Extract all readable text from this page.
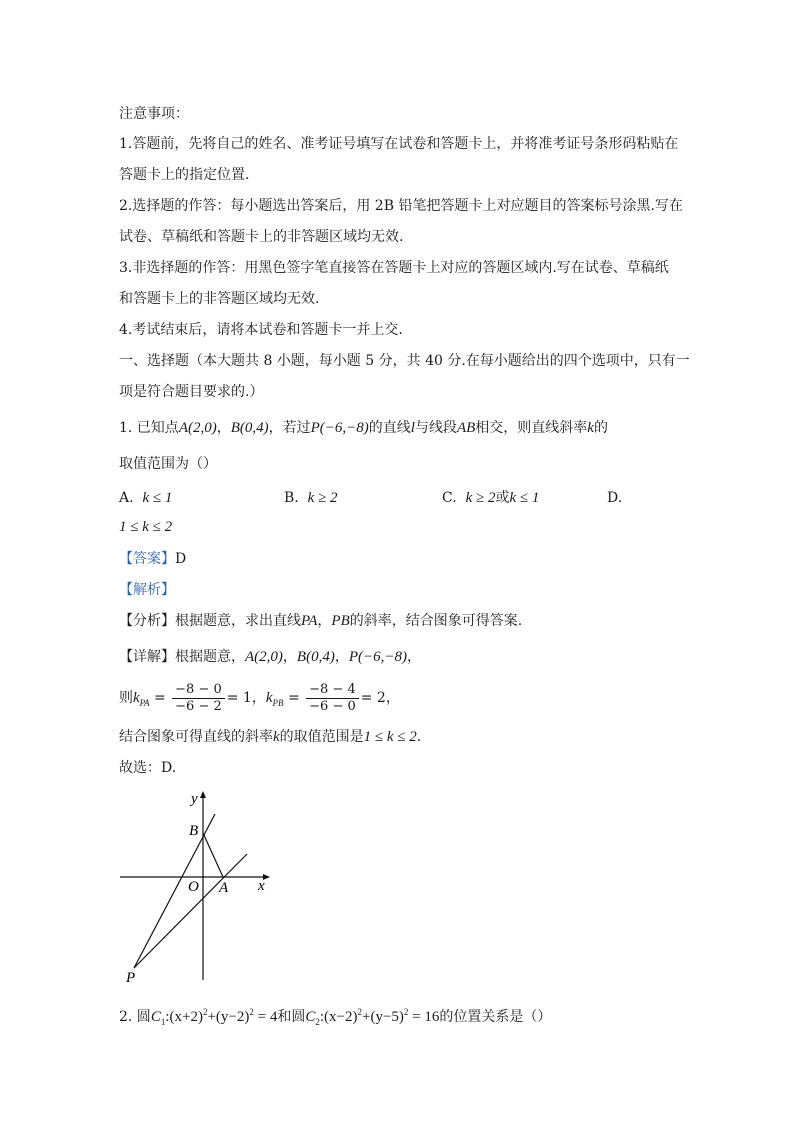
注意事项：
1.答题前，先将自己的姓名、准考证号填写在试卷和答题卡上，并将准考证号条形码粘贴在
答题卡上的指定位置.
2.选择题的作答：每小题选出答案后，用 2B 铅笔把答题卡上对应题目的答案标号涂黑.写在
试卷、草稿纸和答题卡上的非答题区域均无效.
3.非选择题的作答：用黑色签字笔直接答在答题卡上对应的答题区域内.写在试卷、草稿纸
和答题卡上的非答题区域均无效.
4.考试结束后，请将本试卷和答题卡一并上交.
一、选择题（本大题共 8 小题，每小题 5 分，共 40 分.在每小题给出的四个选项中，只有一
项是符合题目要求的.）
1. 已知点A(2,0)，B(0,4)，若过P(−6,−8)的直线l与线段AB相交，则直线斜率k的
取值范围为（）
A. k ≤ 1	B. k ≥ 2	C. k ≥ 2或k ≤ 1	D.
1 ≤ k ≤ 2
【答案】D
【解析】
【分析】根据题意，求出直线PA，PB的斜率，结合图象可得答案.
【详解】根据题意，A(2,0)，B(0,4)，P(−6,−8)，
则$k_{PA} = \frac{-8 - 0}{-6 - 2} = 1$，$k_{PB} = \frac{-8 - 4}{-6 - 0} = 2$，
结合图象可得直线的斜率k的取值范围是1 ≤ k ≤ 2.
故选：D.
y
x
B
O A
P
2. 圆$C_1:(x+2)^2+(y-2)^2 = 4$和圆$C_2:(x-2)^2+(y-5)^2 = 16$的位置关系是（）
